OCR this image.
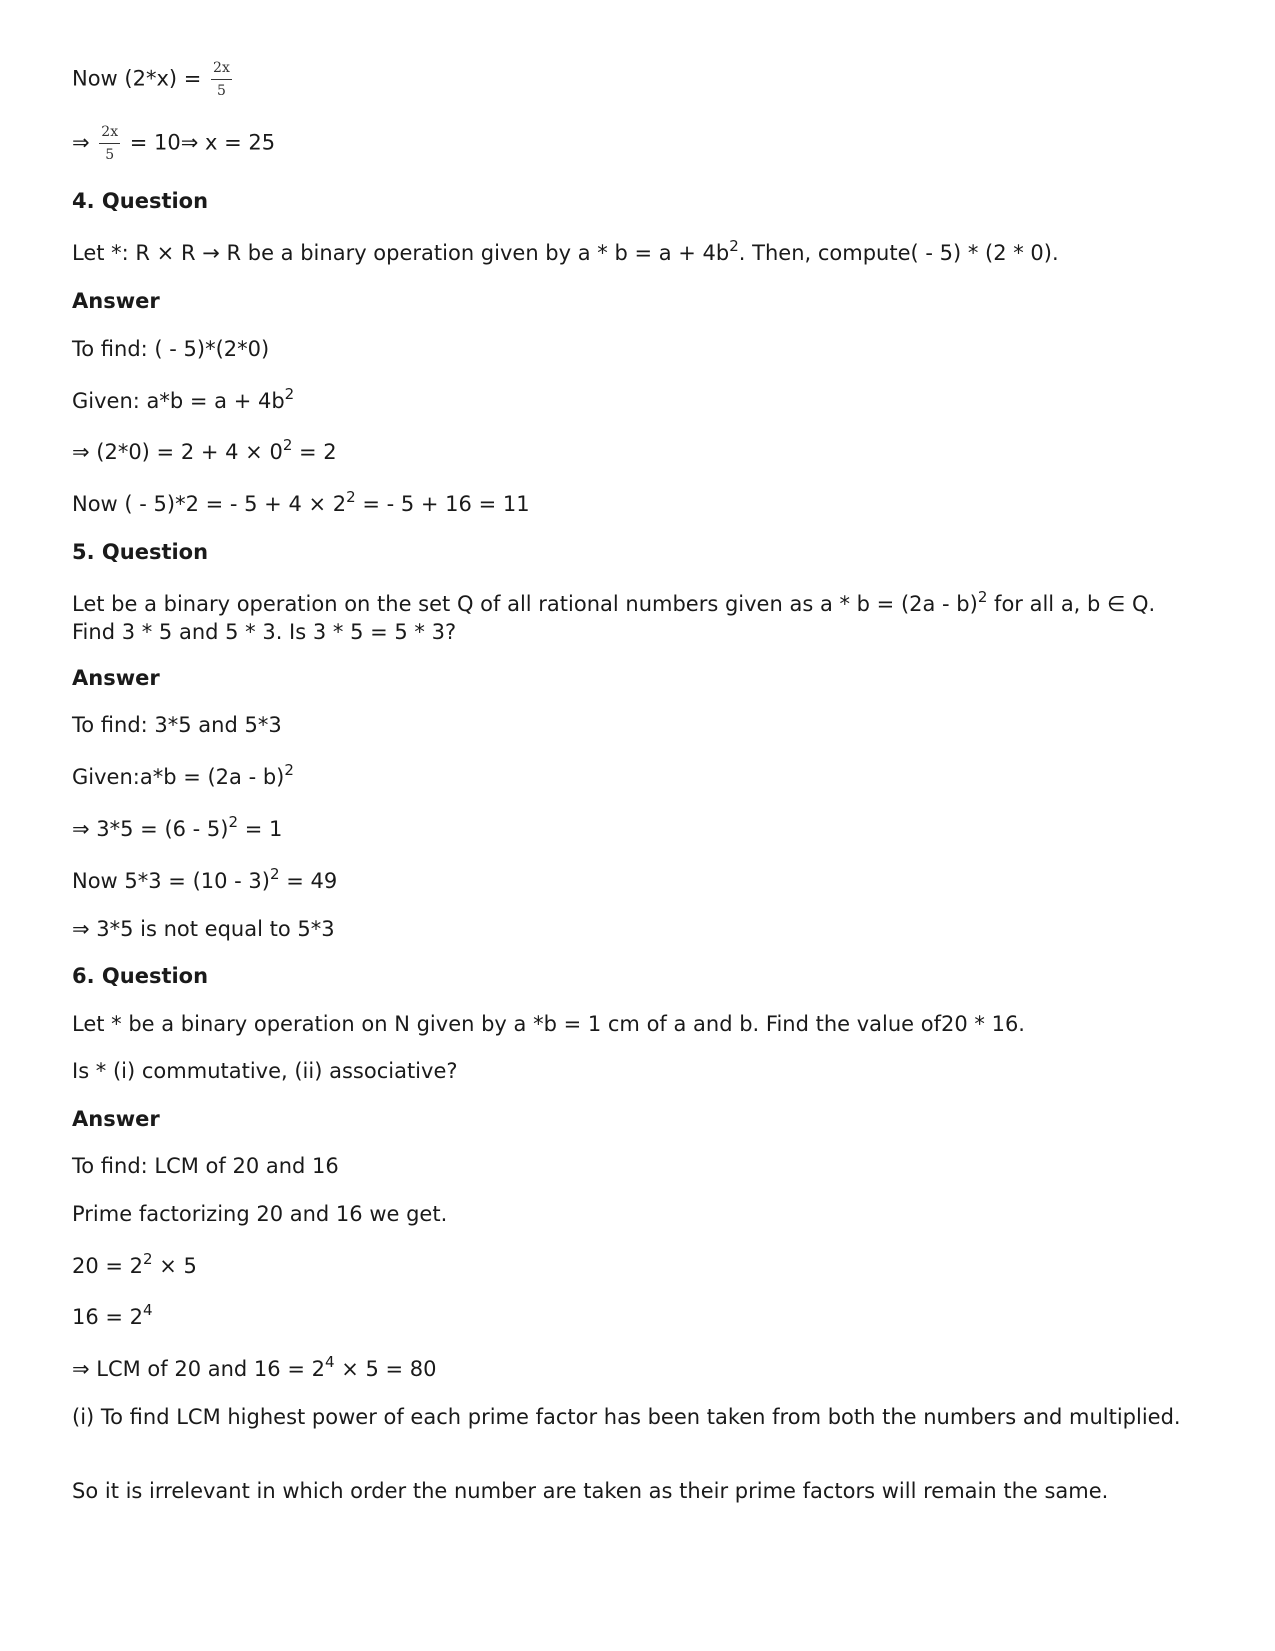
Now $(2*x) = \frac{2x}{5}$
⇒ $\frac{2x}{5}$ = 10⇒ x = 25
4. Question
Let *: R × R → R be a binary operation given by $a * b = a + 4b^2$. Then, compute( - 5) * (2 * 0).
Answer
To find: ( - 5)*(2*0)
Given: $a*b = a + 4b^2$
⇒ $(2*0) = 2 + 4 \times 0^2 = 2$
Now ( - 5)*2 = - $5 + 4 \times 2^2$ = - 5 + 16 = 11
5. Question
Let be a binary operation on the set Q of all rational numbers given as a * b = (2a - b)$^2$ for all a, b ∈ Q. Find 3 * 5 and 5 * 3. Is 3 * 5 = 5 * 3?
Answer
To find: 3*5 and 5*3
Given:a*b = (2a - b)$^2$
⇒ 3*5 = (6 - 5)$^2$ = 1
Now 5*3 = (10 - 3)$^2$ = 49
⇒ 3*5 is not equal to 5*3
6. Question
Let * be a binary operation on N given by a *b = 1 cm of a and b. Find the value of20 * 16.
Is * (i) commutative, (ii) associative?
Answer
To find: LCM of 20 and 16
Prime factorizing 20 and 16 we get.
$20 = 2^2 \times 5$
$16 = 2^4$
⇒ LCM of 20 and $16 = 2^4 \times 5 = 80$
(i) To find LCM highest power of each prime factor has been taken from both the numbers and multiplied.
So it is irrelevant in which order the number are taken as their prime factors will remain the same.
